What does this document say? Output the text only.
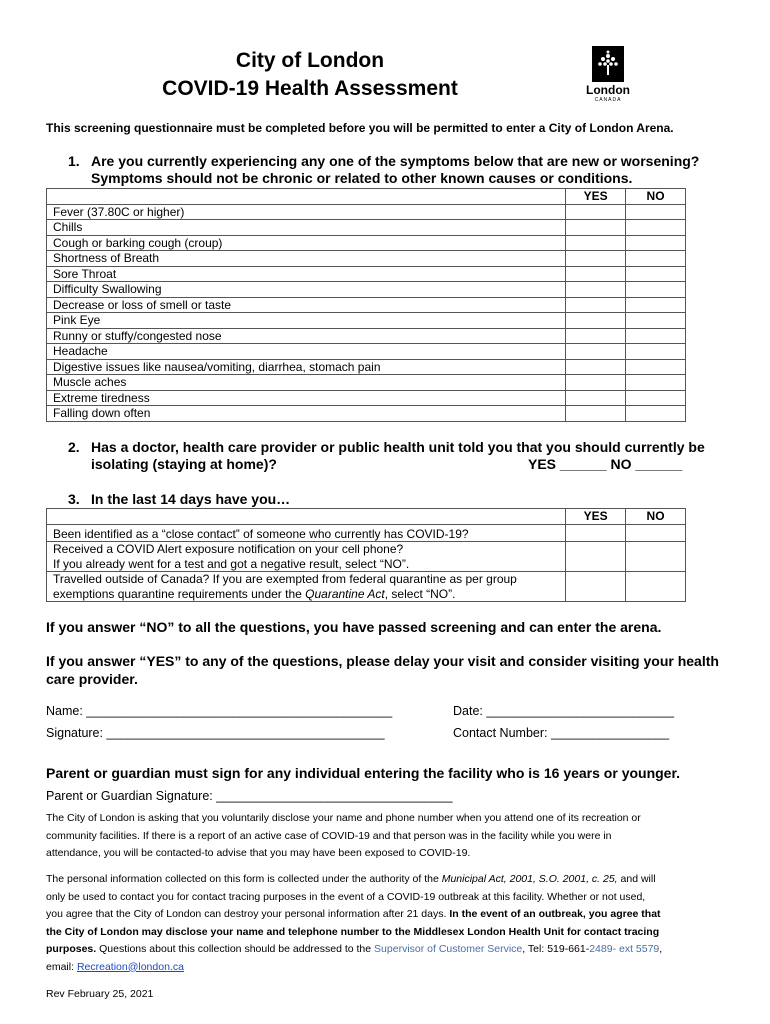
City of London
COVID-19 Health Assessment	London
CANADA
This screening questionnaire must be completed before you will be permitted to enter a City of London Arena.
1. Are you currently experiencing any one of the symptoms below that are new or worsening?
Symptoms should not be chronic or related to other known causes or conditions.
	YES	NO
Fever (37.80C or higher)		
Chills		
Cough or barking cough (croup)		
Shortness of Breath		
Sore Throat		
Difficulty Swallowing		
Decrease or loss of smell or taste		
Pink Eye		
Runny or stuffy/congested nose		
Headache		
Digestive issues like nausea/vomiting, diarrhea, stomach pain		
Muscle aches		
Extreme tiredness		
Falling down often		
2. Has a doctor, health care provider or public health unit told you that you should currently be
isolating (staying at home)?	YES ______ NO ______
3. In the last 14 days have you…
	YES	NO
Been identified as a “close contact” of someone who currently has COVID-19?		

Received a COVID Alert exposure notification on your cell phone?
If you already went for a test and got a negative result, select “NO”.		

Travelled outside of Canada? If you are exempted from federal quarantine as per group
exemptions quarantine requirements under the Quarantine Act, select “NO”.		

If you answer “NO” to all the questions, you have passed screening and can enter the arena.
If you answer “YES” to any of the questions, please delay your visit and consider visiting your health
care provider.
Name: ____________________________________________	Date: ___________________________
Signature: ________________________________________	Contact Number: _________________
Parent or guardian must sign for any individual entering the facility who is 16 years or younger.
Parent or Guardian Signature: __________________________________
The City of London is asking that you voluntarily disclose your name and phone number when you attend one of its recreation or
community facilities. If there is a report of an active case of COVID-19 and that person was in the facility while you were in
attendance, you will be contacted-to advise that you may have been exposed to COVID-19.
The personal information collected on this form is collected under the authority of the Municipal Act, 2001, S.O. 2001, c. 25, and will
only be used to contact you for contact tracing purposes in the event of a COVID-19 outbreak at this facility. Whether or not used,
you agree that the City of London can destroy your personal information after 21 days. In the event of an outbreak, you agree that
the City of London may disclose your name and telephone number to the Middlesex London Health Unit for contact tracing
purposes. Questions about this collection should be addressed to the Supervisor of Customer Service, Tel: 519-661-2489- ext 5579,
email: Recreation@london.ca
Rev February 25, 2021
